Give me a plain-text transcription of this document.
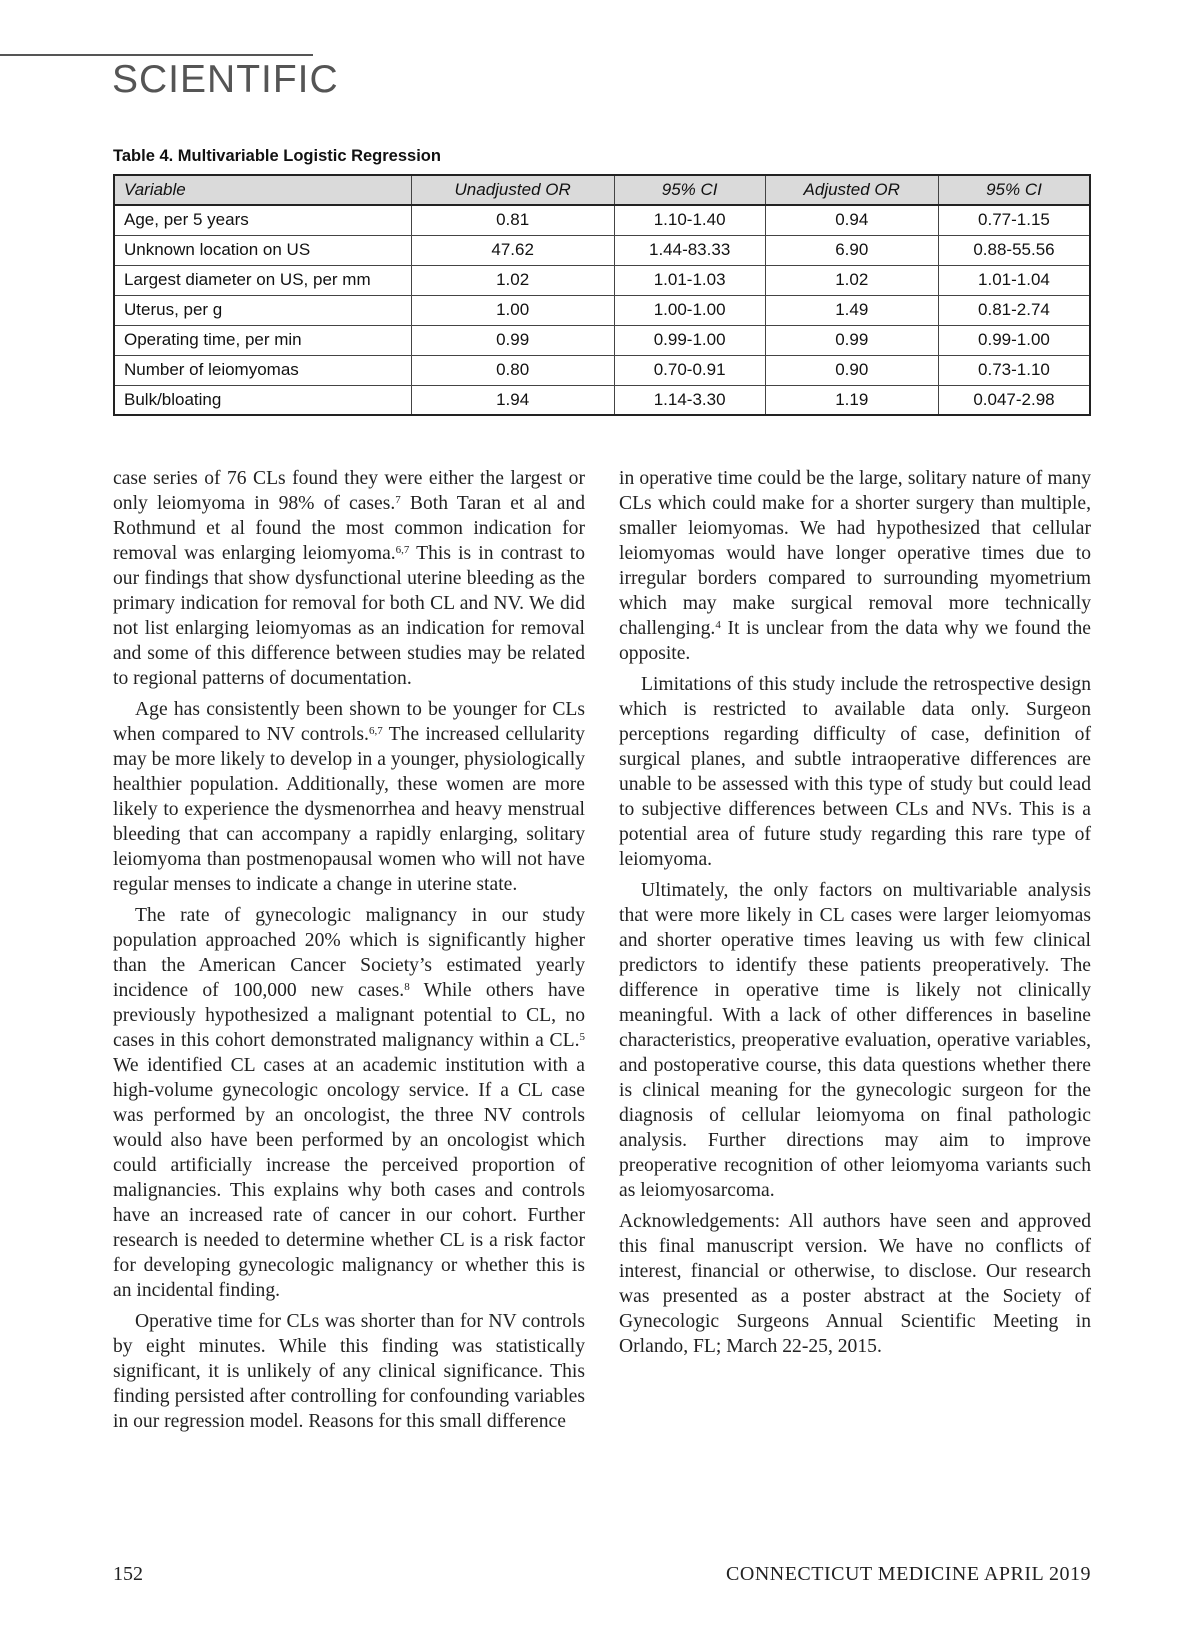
SCIENTIFIC
Table 4. Multivariable Logistic Regression
Variable	Unadjusted OR	95% CI	Adjusted OR	95% CI
Age, per 5 years	0.81	1.10-1.40	0.94	0.77-1.15
Unknown location on US	47.62	1.44-83.33	6.90	0.88-55.56
Largest diameter on US, per mm	1.02	1.01-1.03	1.02	1.01-1.04
Uterus, per g	1.00	1.00-1.00	1.49	0.81-2.74
Operating time, per min	0.99	0.99-1.00	0.99	0.99-1.00
Number of leiomyomas	0.80	0.70-0.91	0.90	0.73-1.10
Bulk/bloating	1.94	1.14-3.30	1.19	0.047-2.98

case series of 76 CLs found they were either the largest or only leiomyoma in 98% of cases.$^7$ Both Taran et al and Rothmund et al found the most common indication for removal was enlarging leiomyoma.$^{6,7}$ This is in contrast to our findings that show dysfunctional uterine bleeding as the primary indication for removal for both CL and NV. We did not list enlarging leiomyomas as an indication for removal and some of this difference between studies may be related to regional patterns of documentation.

Age has consistently been shown to be younger for CLs when compared to NV controls.$^{6,7}$ The increased cellularity may be more likely to develop in a younger, physiologically healthier population. Additionally, these women are more likely to experience the dysmenorrhea and heavy menstrual bleeding that can accompany a rapidly enlarging, solitary leiomyoma than postmenopausal women who will not have regular menses to indicate a change in uterine state.

The rate of gynecologic malignancy in our study population approached 20% which is significantly higher than the American Cancer Society’s estimated yearly incidence of 100,000 new cases.$^8$ While others have previously hypothesized a malignant potential to CL, no cases in this cohort demonstrated malignancy within a CL.$^5$ We identified CL cases at an academic institution with a high-volume gynecologic oncology service. If a CL case was performed by an oncologist, the three NV controls would also have been performed by an oncologist which could artificially increase the perceived proportion of malignancies. This explains why both cases and controls have an increased rate of cancer in our cohort. Further research is needed to determine whether CL is a risk factor for developing gynecologic malignancy or whether this is an incidental finding.

Operative time for CLs was shorter than for NV controls by eight minutes. While this finding was statistically significant, it is unlikely of any clinical significance. This finding persisted after controlling for confounding variables in our regression model. Reasons for this small difference

in operative time could be the large, solitary nature of many CLs which could make for a shorter surgery than multiple, smaller leiomyomas. We had hypothesized that cellular leiomyomas would have longer operative times due to irregular borders compared to surrounding myometrium which may make surgical removal more technically challenging.$^4$ It is unclear from the data why we found the opposite.

Limitations of this study include the retrospective design which is restricted to available data only. Surgeon perceptions regarding difficulty of case, definition of surgical planes, and subtle intraoperative differences are unable to be assessed with this type of study but could lead to subjective differences between CLs and NVs. This is a potential area of future study regarding this rare type of leiomyoma.

Ultimately, the only factors on multivariable analysis that were more likely in CL cases were larger leiomyomas and shorter operative times leaving us with few clinical predictors to identify these patients preoperatively. The difference in operative time is likely not clinically meaningful. With a lack of other differences in baseline characteristics, preoperative evaluation, operative variables, and postoperative course, this data questions whether there is clinical meaning for the gynecologic surgeon for the diagnosis of cellular leiomyoma on final pathologic analysis. Further directions may aim to improve preoperative recognition of other leiomyoma variants such as leiomyosarcoma.

Acknowledgements: All authors have seen and approved this final manuscript version. We have no conflicts of interest, financial or otherwise, to disclose. Our research was presented as a poster abstract at the Society of Gynecologic Surgeons Annual Scientific Meeting in Orlando, FL; March 22-25, 2015.

152	CONNECTICUT MEDICINE APRIL 2019
